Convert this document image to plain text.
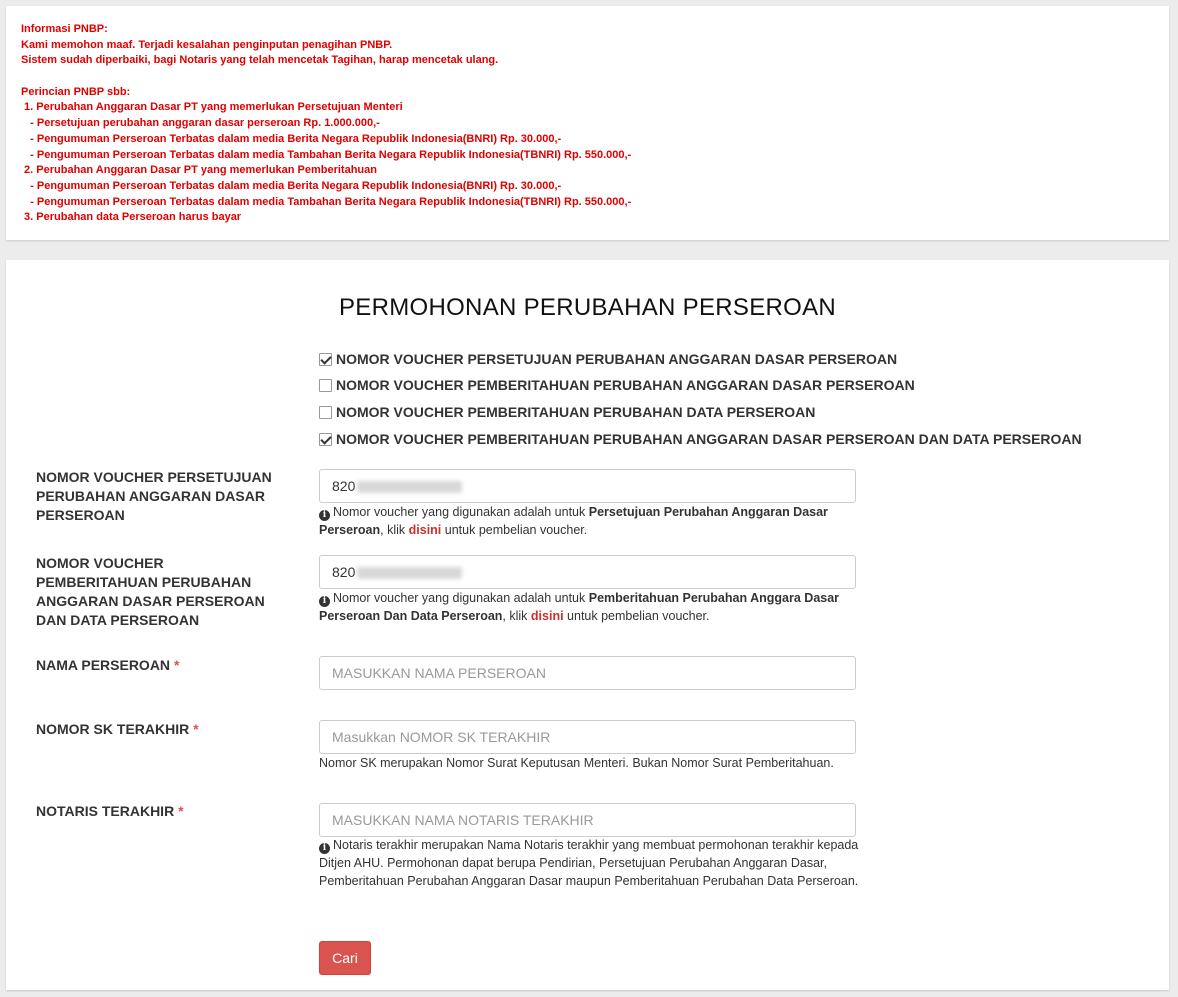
Informasi PNBP:
Kami memohon maaf. Terjadi kesalahan penginputan penagihan PNBP.
Sistem sudah diperbaiki, bagi Notaris yang telah mencetak Tagihan, harap mencetak ulang.
Perincian PNBP sbb:
1. Perubahan Anggaran Dasar PT yang memerlukan Persetujuan Menteri
- Persetujuan perubahan anggaran dasar perseroan Rp. 1.000.000,-
- Pengumuman Perseroan Terbatas dalam media Berita Negara Republik Indonesia(BNRI) Rp. 30.000,-
- Pengumuman Perseroan Terbatas dalam media Tambahan Berita Negara Republik Indonesia(TBNRI) Rp. 550.000,-
2. Perubahan Anggaran Dasar PT yang memerlukan Pemberitahuan
- Pengumuman Perseroan Terbatas dalam media Berita Negara Republik Indonesia(BNRI) Rp. 30.000,-
- Pengumuman Perseroan Terbatas dalam media Tambahan Berita Negara Republik Indonesia(TBNRI) Rp. 550.000,-
3. Perubahan data Perseroan harus bayar
PERMOHONAN PERUBAHAN PERSEROAN
NOMOR VOUCHER PERSETUJUAN PERUBAHAN ANGGARAN DASAR PERSEROAN
NOMOR VOUCHER PEMBERITAHUAN PERUBAHAN ANGGARAN DASAR PERSEROAN
NOMOR VOUCHER PEMBERITAHUAN PERUBAHAN DATA PERSEROAN
NOMOR VOUCHER PEMBERITAHUAN PERUBAHAN ANGGARAN DASAR PERSEROAN DAN DATA PERSEROAN
NOMOR VOUCHER PERSETUJUAN PERUBAHAN ANGGARAN DASAR PERSEROAN
820
i Nomor voucher yang digunakan adalah untuk Persetujuan Perubahan Anggaran Dasar Perseroan, klik disini untuk pembelian voucher.
NOMOR VOUCHER PEMBERITAHUAN PERUBAHAN ANGGARAN DASAR PERSEROAN DAN DATA PERSEROAN
820
i Nomor voucher yang digunakan adalah untuk Pemberitahuan Perubahan Anggara Dasar Perseroan Dan Data Perseroan, klik disini untuk pembelian voucher.
NAMA PERSEROAN *
MASUKKAN NAMA PERSEROAN
NOMOR SK TERAKHIR *
Masukkan NOMOR SK TERAKHIR
Nomor SK merupakan Nomor Surat Keputusan Menteri. Bukan Nomor Surat Pemberitahuan.
NOTARIS TERAKHIR *
MASUKKAN NAMA NOTARIS TERAKHIR
i Notaris terakhir merupakan Nama Notaris terakhir yang membuat permohonan terakhir kepada Ditjen AHU. Permohonan dapat berupa Pendirian, Persetujuan Perubahan Anggaran Dasar, Pemberitahuan Perubahan Anggaran Dasar maupun Pemberitahuan Perubahan Data Perseroan.
Cari
